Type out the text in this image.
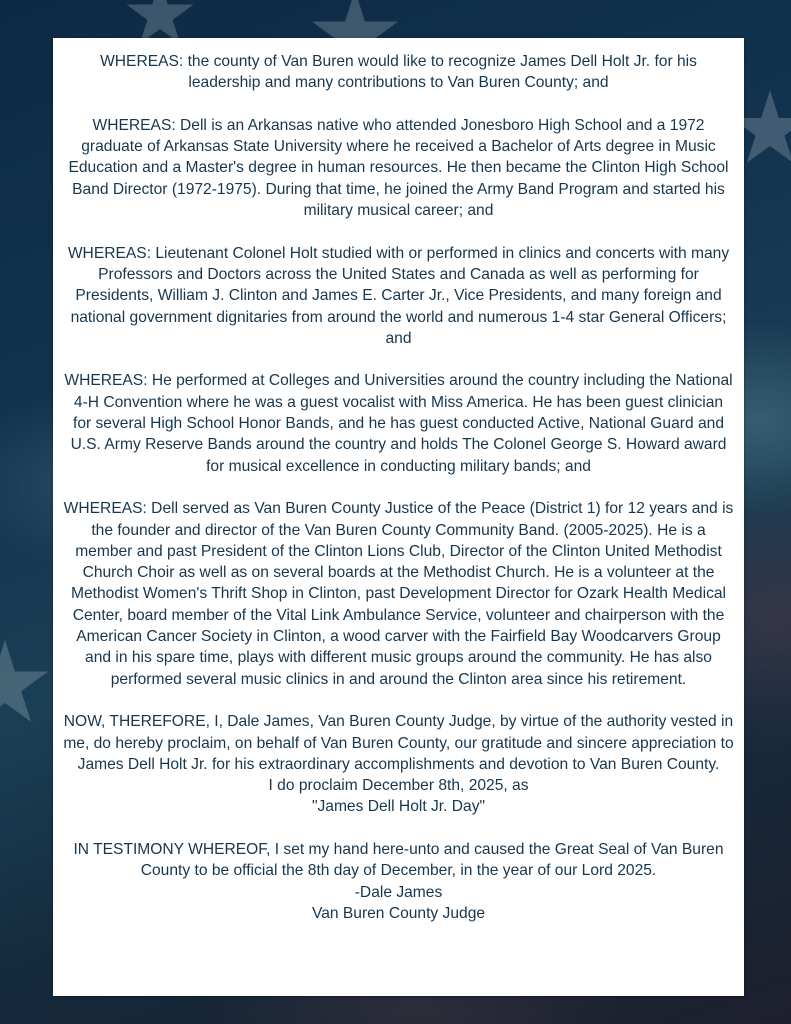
WHEREAS: the county of Van Buren would like to recognize James Dell Holt Jr. for his leadership and many contributions to Van Buren County; and

WHEREAS: Dell is an Arkansas native who attended Jonesboro High School and a 1972 graduate of Arkansas State University where he received a Bachelor of Arts degree in Music Education and a Master's degree in human resources. He then became the Clinton High School Band Director (1972-1975). During that time, he joined the Army Band Program and started his military musical career; and

WHEREAS: Lieutenant Colonel Holt studied with or performed in clinics and concerts with many Professors and Doctors across the United States and Canada as well as performing for Presidents, William J. Clinton and James E. Carter Jr., Vice Presidents, and many foreign and national government dignitaries from around the world and numerous 1-4 star General Officers; and

WHEREAS: He performed at Colleges and Universities around the country including the National 4-H Convention where he was a guest vocalist with Miss America. He has been guest clinician for several High School Honor Bands, and he has guest conducted Active, National Guard and U.S. Army Reserve Bands around the country and holds The Colonel George S. Howard award for musical excellence in conducting military bands; and

WHEREAS: Dell served as Van Buren County Justice of the Peace (District 1) for 12 years and is the founder and director of the Van Buren County Community Band. (2005-2025). He is a member and past President of the Clinton Lions Club, Director of the Clinton United Methodist Church Choir as well as on several boards at the Methodist Church. He is a volunteer at the Methodist Women's Thrift Shop in Clinton, past Development Director for Ozark Health Medical Center, board member of the Vital Link Ambulance Service, volunteer and chairperson with the American Cancer Society in Clinton, a wood carver with the Fairfield Bay Woodcarvers Group and in his spare time, plays with different music groups around the community. He has also performed several music clinics in and around the Clinton area since his retirement.

NOW, THEREFORE, I, Dale James, Van Buren County Judge, by virtue of the authority vested in me, do hereby proclaim, on behalf of Van Buren County, our gratitude and sincere appreciation to James Dell Holt Jr. for his extraordinary accomplishments and devotion to Van Buren County.
I do proclaim December 8th, 2025, as
"James Dell Holt Jr. Day"
IN TESTIMONY WHEREOF, I set my hand here-unto and caused the Great Seal of Van Buren County to be official the 8th day of December, in the year of our Lord 2025.
-Dale James
Van Buren County Judge
